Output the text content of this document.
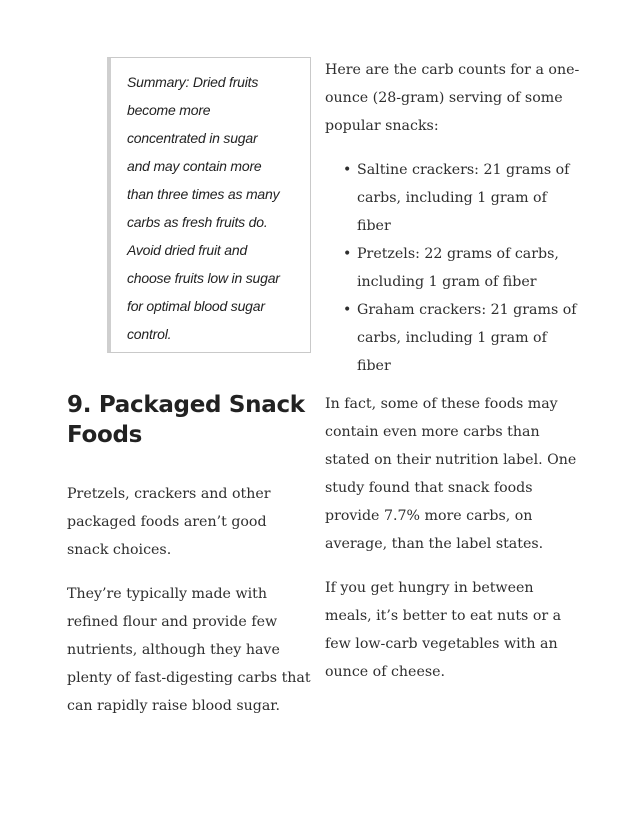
Summary: Dried fruits
become more
concentrated in sugar
and may contain more
than three times as many
carbs as fresh fruits do.
Avoid dried fruit and
choose fruits low in sugar
for optimal blood sugar
control.

9. Packaged Snack Foods

Pretzels, crackers and other packaged foods aren’t good snack choices.

They’re typically made with refined flour and provide few nutrients, although they have plenty of fast-digesting carbs that can rapidly raise blood sugar.

Here are the carb counts for a one-ounce (28-gram) serving of some popular snacks:

• Saltine crackers: 21 grams of carbs, including 1 gram of fiber
• Pretzels: 22 grams of carbs, including 1 gram of fiber
• Graham crackers: 21 grams of carbs, including 1 gram of fiber

In fact, some of these foods may contain even more carbs than stated on their nutrition label. One study found that snack foods provide 7.7% more carbs, on average, than the label states.

If you get hungry in between meals, it’s better to eat nuts or a few low-carb vegetables with an ounce of cheese.
